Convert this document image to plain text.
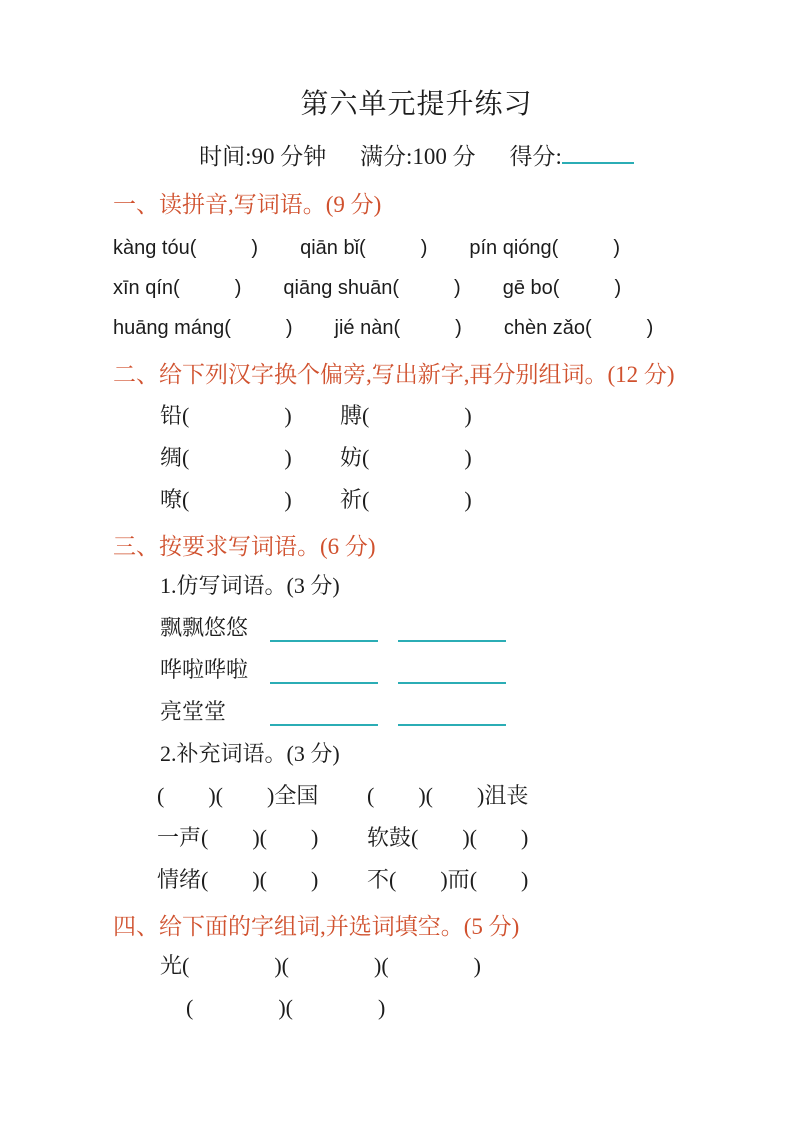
第六单元提升练习
时间:90 分钟 满分:100 分 得分:
一、读拼音,写词语。(9 分)
kàng tóu(	) qiān bǐ(	) pín qióng(	)
xīn qín(	) qiāng shuān(	) gē bo(	)
huāng máng(	) jié nàn(	) chèn zǎo(	)
二、给下列汉字换个偏旁,写出新字,再分别组词。(12 分)
铅(	)	膊(	)
绸(	)	妨(	)
嘹(	)	祈(	)
三、按要求写词语。(6 分)
1.仿写词语。(3 分)
飘飘悠悠
哗啦哗啦
亮堂堂
2.补充词语。(3 分)
( )( )全国	( )( )沮丧
一声( )( )	软鼓( )( )
情绪( )( )	不( )而( )
四、给下面的字组词,并选词填空。(5 分)
光(	)(	)(	)
(	)(	)
